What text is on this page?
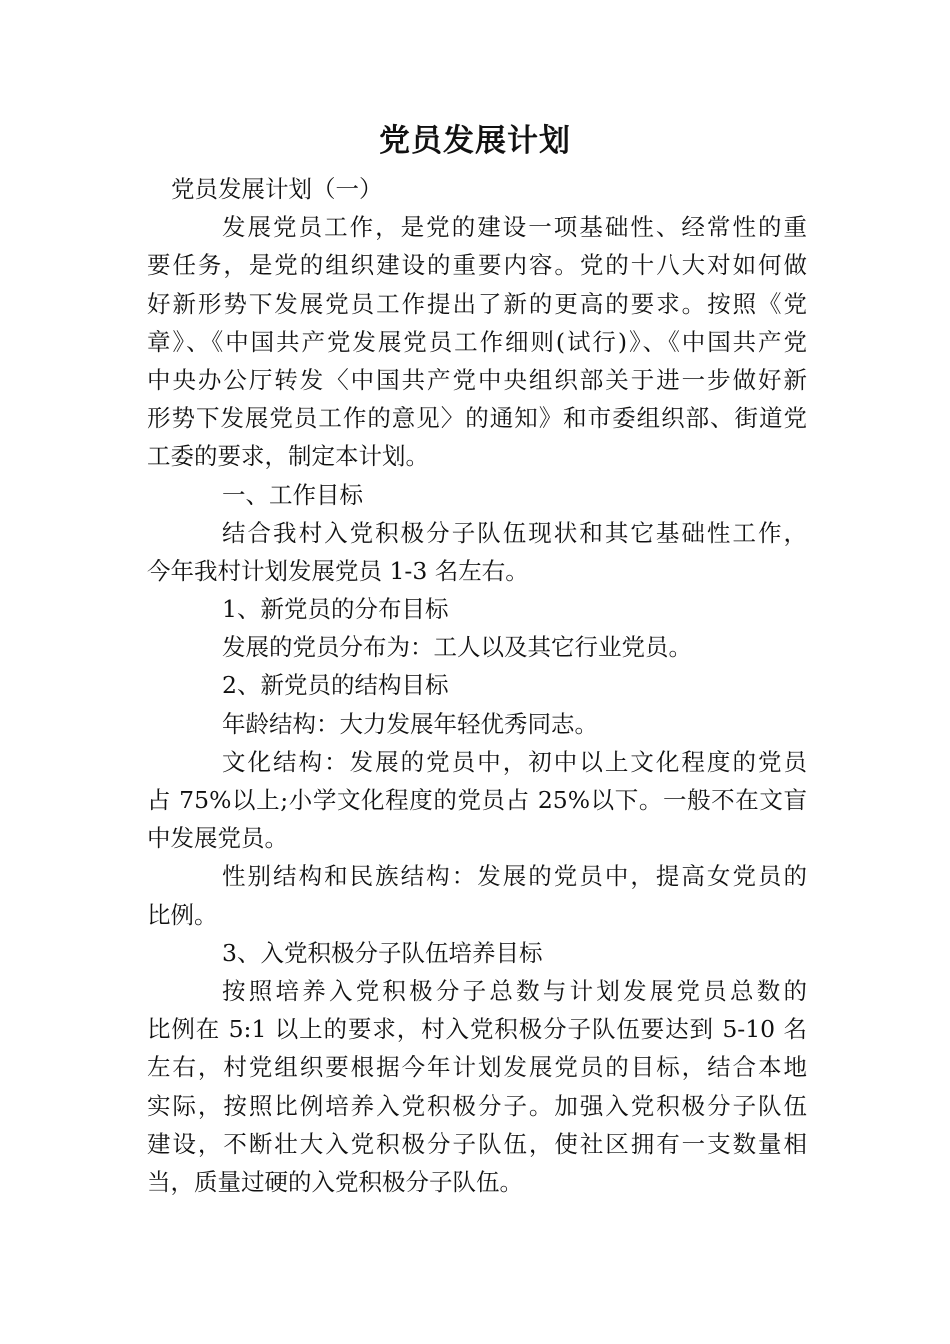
党员发展计划
党员发展计划（一）
发展党员工作，是党的建设一项基础性、经常性的重
要任务，是党的组织建设的重要内容。党的十八大对如何做
好新形势下发展党员工作提出了新的更高的要求。按照《党
章》、《中国共产党发展党员工作细则(试行)》、《中国共产党
中央办公厅转发〈中国共产党中央组织部关于进一步做好新
形势下发展党员工作的意见〉的通知》和市委组织部、街道党
工委的要求，制定本计划。
一、工作目标
结合我村入党积极分子队伍现状和其它基础性工作，
今年我村计划发展党员 1-3 名左右。
1、新党员的分布目标
发展的党员分布为：工人以及其它行业党员。
2、新党员的结构目标
年龄结构：大力发展年轻优秀同志。
文化结构：发展的党员中，初中以上文化程度的党员
占 75%以上;小学文化程度的党员占 25%以下。一般不在文盲
中发展党员。
性别结构和民族结构：发展的党员中，提高女党员的
比例。
3、入党积极分子队伍培养目标
按照培养入党积极分子总数与计划发展党员总数的
比例在 5:1 以上的要求，村入党积极分子队伍要达到 5-10 名
左右，村党组织要根据今年计划发展党员的目标，结合本地
实际，按照比例培养入党积极分子。加强入党积极分子队伍
建设，不断壮大入党积极分子队伍，使社区拥有一支数量相
当，质量过硬的入党积极分子队伍。
